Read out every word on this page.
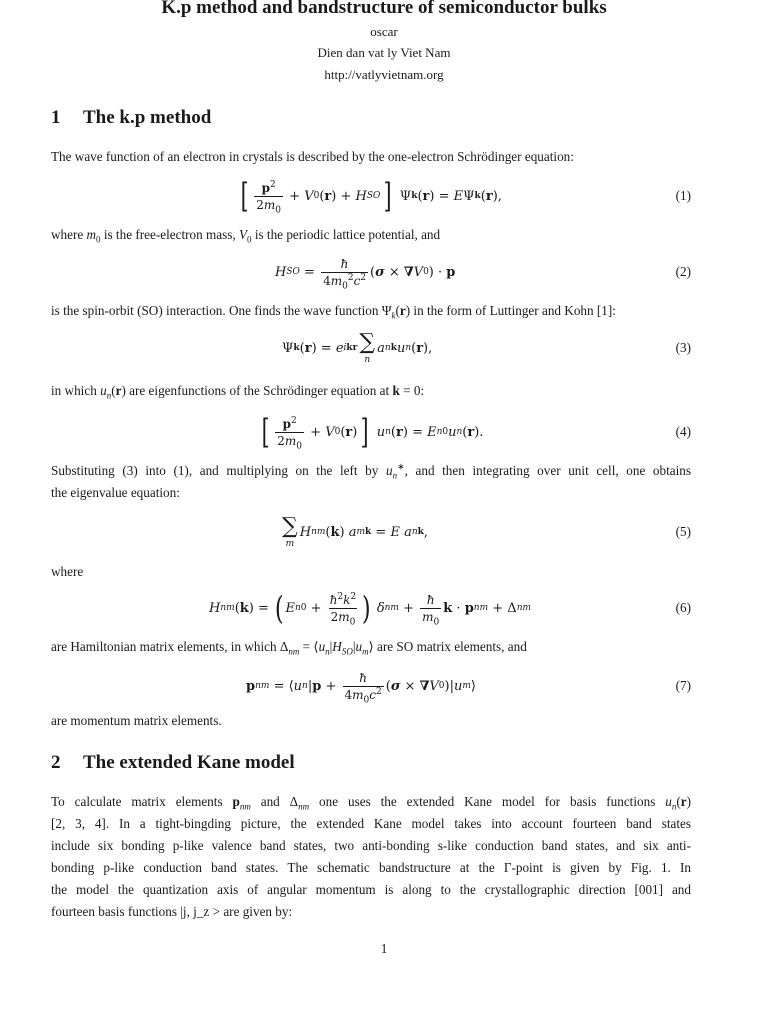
K.p method and bandstructure of semiconductor bulks
oscar
Dien dan vat ly Viet Nam
http://vatlyvietnam.org
1 The k.p method
The wave function of an electron in crystals is described by the one-electron Schrödinger equation:
[ $\frac{p^2}{2m_0} + V$ 0 ( r ) + H SO ] Ψ k ( r ) = E Ψ k ( r ),	(1)
where $m_0$ is the free-electron mass, $V_0$ is the periodic lattice potential, and
H SO = $\frac{ħ}{4m_0^2c^2}$ ( σ × ∇ V 0 ) · p	(2)
is the spin-orbit (SO) interaction. One finds the wave function $\Psi_k(r)$ in the form of Luttinger and Kohn [1]:
Ψ k ( r ) = e ikr ∑
n
a nk u n ( r ),	(3)
in which $u_n(r)$ are eigenfunctions of the Schrödinger equation at k = 0:
[ $\frac{p^2}{2m_0} + V$ 0 ( r ) ]
u n ( r ) = E n 0 u n ( r ).	(4)
Substituting (3) into (1), and multiplying on the left by $u_n^∗$, and then integrating over unit cell, one obtains
the eigenvalue equation:
∑
m
H nm ( k ) a mk = E
a nk ,	(5)
where
H nm ( k ) = ( E n $0 + \frac{ħ^2k^2}{2m_0}$ )
δ nm + $\frac{ħ}{m_0}$ k · p nm + Δ nm	(6)
are Hamiltonian matrix elements, in which $\Delta_{nm}$ = $⟨u_n|H_{SO}|u_m⟩$ are SO matrix elements, and
p nm = ⟨ u n | $p + \frac{ħ}{4m_0c^2}$ ( σ × ∇ V 0 )| u m ⟩	(7)
are momentum matrix elements.
2 The extended Kane model
To calculate matrix elements $p_{nm}$ and $\Delta_{nm}$ one uses the extended Kane model for basis functions $u_n(r)$
[2, 3, 4]. In a tight-bingding picture, the extended Kane model takes into account fourteen band states
include six bonding p-like valence band states, two anti-bonding s-like conduction band states, and six anti-
bonding p-like conduction band states. The schematic bandstructure at the Γ-point is given by Fig. 1. In
the model the quantization axis of angular momentum is along to the crystallographic direction [001] and
fourteen basis functions |j, j_z > are given by:
1
